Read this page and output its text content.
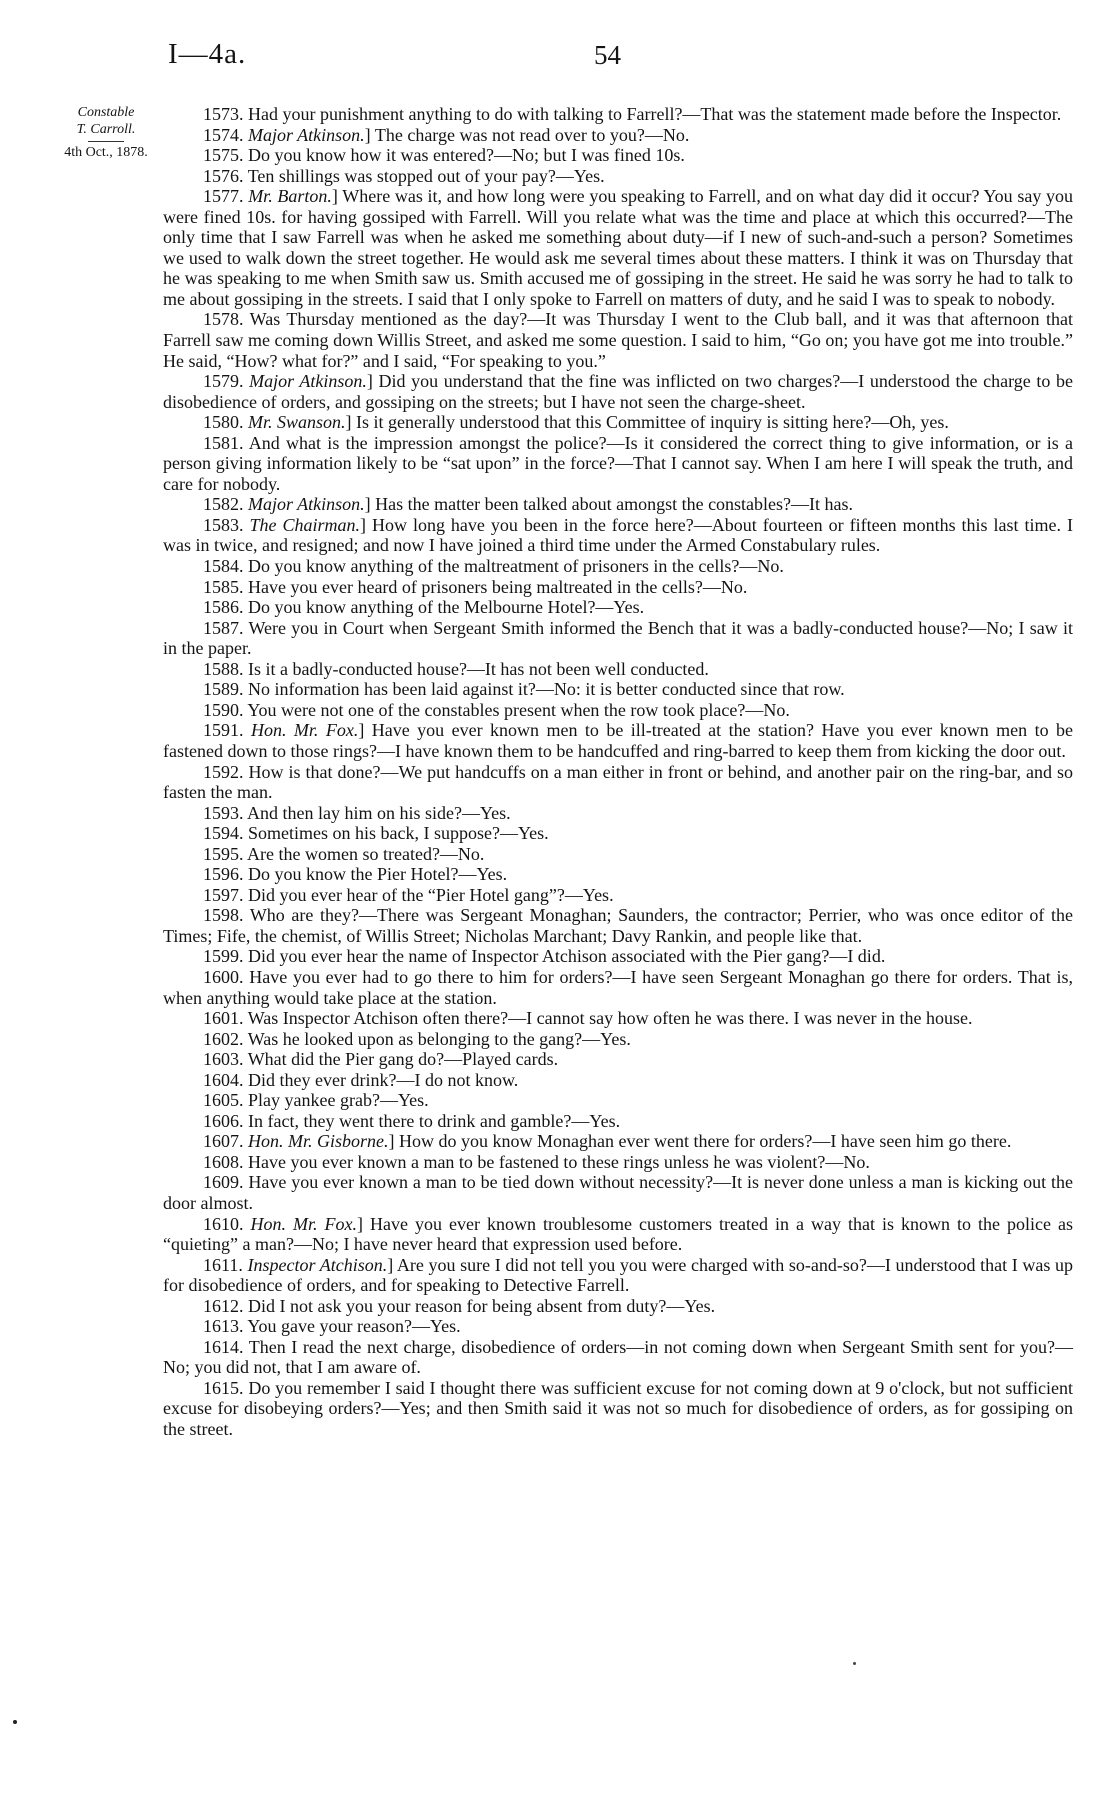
I—4a.	54
Constable
T. Carroll.
4th Oct., 1878.

1573. Had your punishment anything to do with talking to Farrell?—That was the statement made before the Inspector.

1574. Major Atkinson.] The charge was not read over to you?—No.

1575. Do you know how it was entered?—No; but I was fined 10s.

1576. Ten shillings was stopped out of your pay?—Yes.

1577. Mr. Barton.] Where was it, and how long were you speaking to Farrell, and on what day did it occur? You say you were fined 10s. for having gossiped with Farrell. Will you relate what was the time and place at which this occurred?—The only time that I saw Farrell was when he asked me something about duty—if I new of such-and-such a person? Sometimes we used to walk down the street together. He would ask me several times about these matters. I think it was on Thursday that he was speaking to me when Smith saw us. Smith accused me of gossiping in the street. He said he was sorry he had to talk to me about gossiping in the streets. I said that I only spoke to Farrell on matters of duty, and he said I was to speak to nobody.

1578. Was Thursday mentioned as the day?—It was Thursday I went to the Club ball, and it was that afternoon that Farrell saw me coming down Willis Street, and asked me some question. I said to him, “Go on; you have got me into trouble.” He said, “How? what for?” and I said, “For speaking to you.”

1579. Major Atkinson.] Did you understand that the fine was inflicted on two charges?—I understood the charge to be disobedience of orders, and gossiping on the streets; but I have not seen the charge-sheet.

1580. Mr. Swanson.] Is it generally understood that this Committee of inquiry is sitting here?—Oh, yes.

1581. And what is the impression amongst the police?—Is it considered the correct thing to give information, or is a person giving information likely to be “sat upon” in the force?—That I cannot say. When I am here I will speak the truth, and care for nobody.

1582. Major Atkinson.] Has the matter been talked about amongst the constables?—It has.

1583. The Chairman.] How long have you been in the force here?—About fourteen or fifteen months this last time. I was in twice, and resigned; and now I have joined a third time under the Armed Constabulary rules.

1584. Do you know anything of the maltreatment of prisoners in the cells?—No.

1585. Have you ever heard of prisoners being maltreated in the cells?—No.

1586. Do you know anything of the Melbourne Hotel?—Yes.

1587. Were you in Court when Sergeant Smith informed the Bench that it was a badly-conducted house?—No; I saw it in the paper.

1588. Is it a badly-conducted house?—It has not been well conducted.

1589. No information has been laid against it?—No: it is better conducted since that row.

1590. You were not one of the constables present when the row took place?—No.

1591. Hon. Mr. Fox.] Have you ever known men to be ill-treated at the station? Have you ever known men to be fastened down to those rings?—I have known them to be handcuffed and ring-barred to keep them from kicking the door out.

1592. How is that done?—We put handcuffs on a man either in front or behind, and another pair on the ring-bar, and so fasten the man.

1593. And then lay him on his side?—Yes.

1594. Sometimes on his back, I suppose?—Yes.

1595. Are the women so treated?—No.

1596. Do you know the Pier Hotel?—Yes.

1597. Did you ever hear of the “Pier Hotel gang”?—Yes.

1598. Who are they?—There was Sergeant Monaghan; Saunders, the contractor; Perrier, who was once editor of the Times; Fife, the chemist, of Willis Street; Nicholas Marchant; Davy Rankin, and people like that.

1599. Did you ever hear the name of Inspector Atchison associated with the Pier gang?—I did.

1600. Have you ever had to go there to him for orders?—I have seen Sergeant Monaghan go there for orders. That is, when anything would take place at the station.

1601. Was Inspector Atchison often there?—I cannot say how often he was there. I was never in the house.

1602. Was he looked upon as belonging to the gang?—Yes.

1603. What did the Pier gang do?—Played cards.

1604. Did they ever drink?—I do not know.

1605. Play yankee grab?—Yes.

1606. In fact, they went there to drink and gamble?—Yes.

1607. Hon. Mr. Gisborne.] How do you know Monaghan ever went there for orders?—I have seen him go there.

1608. Have you ever known a man to be fastened to these rings unless he was violent?—No.

1609. Have you ever known a man to be tied down without necessity?—It is never done unless a man is kicking out the door almost.

1610. Hon. Mr. Fox.] Have you ever known troublesome customers treated in a way that is known to the police as “quieting” a man?—No; I have never heard that expression used before.

1611. Inspector Atchison.] Are you sure I did not tell you you were charged with so-and-so?—I understood that I was up for disobedience of orders, and for speaking to Detective Farrell.

1612. Did I not ask you your reason for being absent from duty?—Yes.

1613. You gave your reason?—Yes.

1614. Then I read the next charge, disobedience of orders—in not coming down when Sergeant Smith sent for you?—No; you did not, that I am aware of.

1615. Do you remember I said I thought there was sufficient excuse for not coming down at 9 o'clock, but not sufficient excuse for disobeying orders?—Yes; and then Smith said it was not so much for disobedience of orders, as for gossiping on the street.
